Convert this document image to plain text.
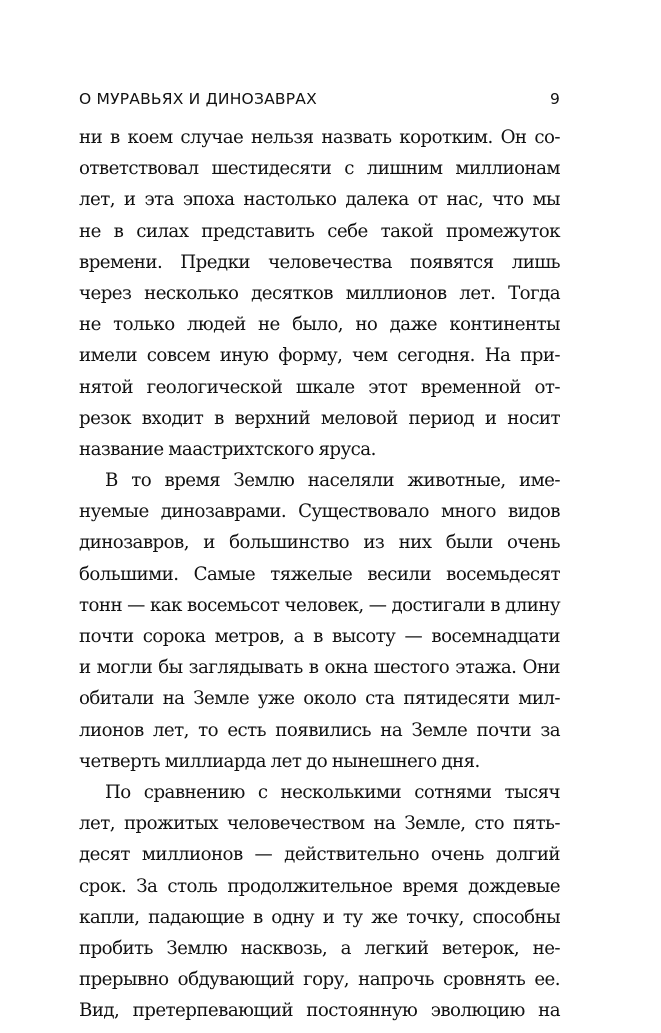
О МУРАВЬЯХ И ДИНОЗАВРАХ	9
ни в коем случае нельзя назвать коротким. Он со-
ответствовал шестидесяти с лишним миллионам
лет, и эта эпоха настолько далека от нас, что мы
не в силах представить себе такой промежуток
времени. Предки человечества появятся лишь
через несколько десятков миллионов лет. Тогда
не только людей не было, но даже континенты
имели совсем иную форму, чем сегодня. На при-
нятой геологической шкале этот временной от-
резок входит в верхний меловой период и носит
название маастрихтского яруса.
В то время Землю населяли животные, име-
нуемые динозаврами. Существовало много видов
динозавров, и большинство из них были очень
большими. Самые тяжелые весили восемьдесят
тонн — как восемьсот человек, — достигали в длину
почти сорока метров, а в высоту — восемнадцати
и могли бы заглядывать в окна шестого этажа. Они
обитали на Земле уже около ста пятидесяти мил-
лионов лет, то есть появились на Земле почти за
четверть миллиарда лет до нынешнего дня.
По сравнению с несколькими сотнями тысяч
лет, прожитых человечеством на Земле, сто пять-
десят миллионов — действительно очень долгий
срок. За столь продолжительное время дождевые
капли, падающие в одну и ту же точку, способны
пробить Землю насквозь, а легкий ветерок, не-
прерывно обдувающий гору, напрочь сровнять ее.
Вид, претерпевающий постоянную эволюцию на
